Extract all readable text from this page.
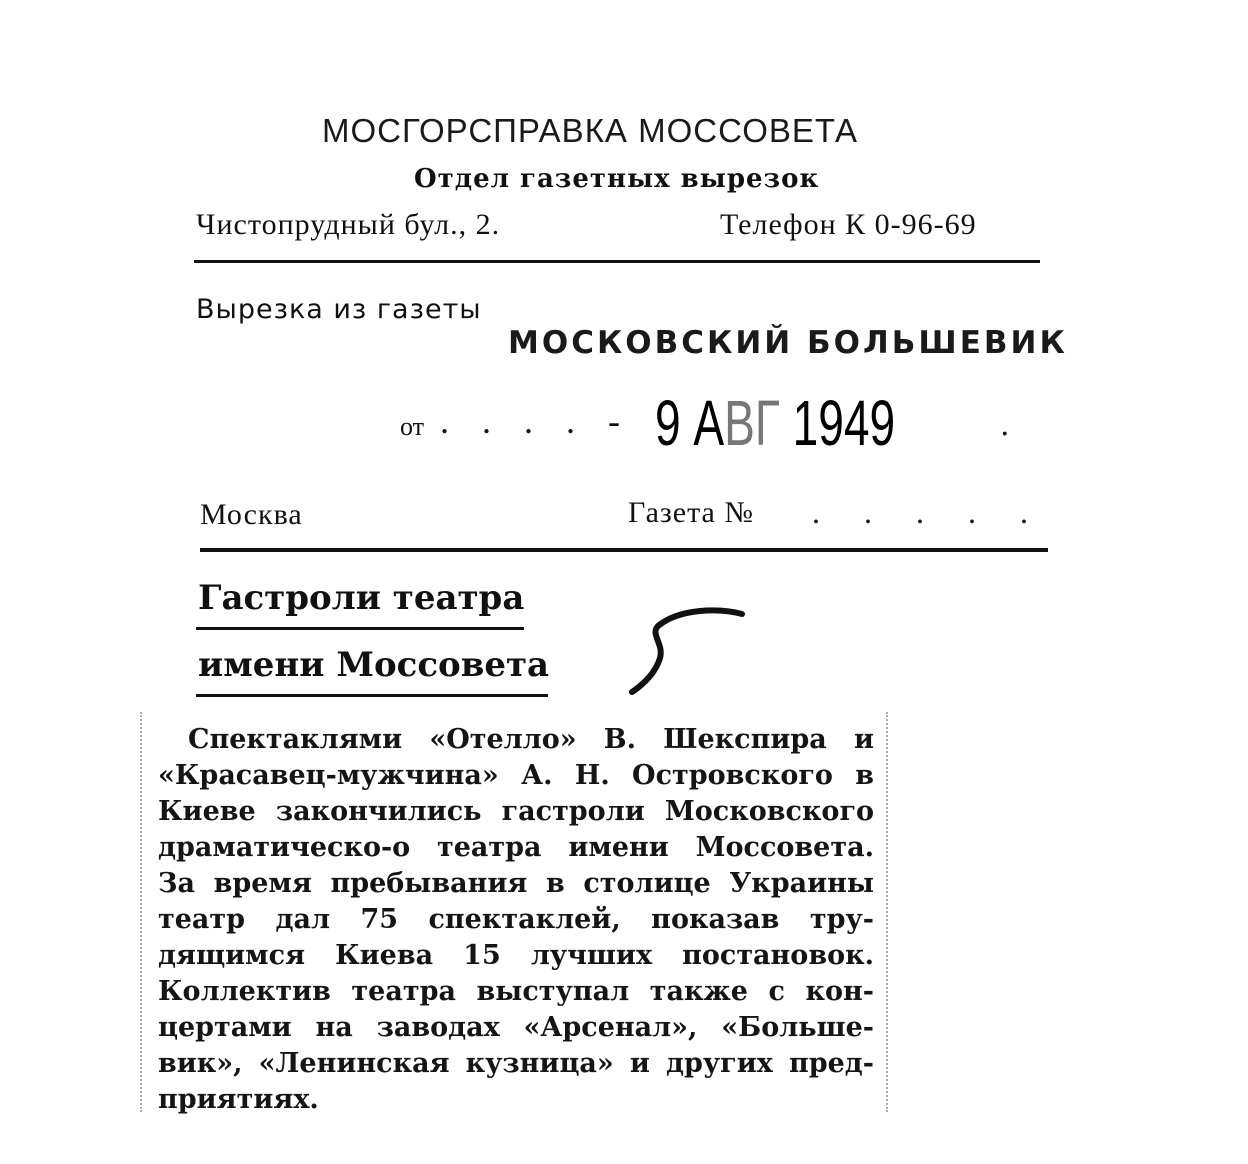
МОСГОРСПРАВКА МОССОВЕТА
Отдел газетных вырезок
Чистопрудный бул., 2.	Телефон К 0-96-69
Вырезка из газеты
МОСКОВСКИЙ БОЛЬШЕВИК
от . . . . - 9 АВГ 1949	.
Москва	Газета № . . . . .
Гастроли театра
имени Моссовета
Спектаклями «Отелло» В. Шекспира и
«Красавец-мужчина» А. Н. Островского в
Киеве закончились гастроли Московского
драматическо-о театра имени Моссовета.
За время пребывания в столице Украины
театр дал 75 спектаклей, показав тру-
дящимся Киева 15 лучших постановок.
Коллектив театра выступал также с кон-
цертами на заводах «Арсенал», «Больше-
вик», «Ленинская кузница» и других пред-
приятиях.
